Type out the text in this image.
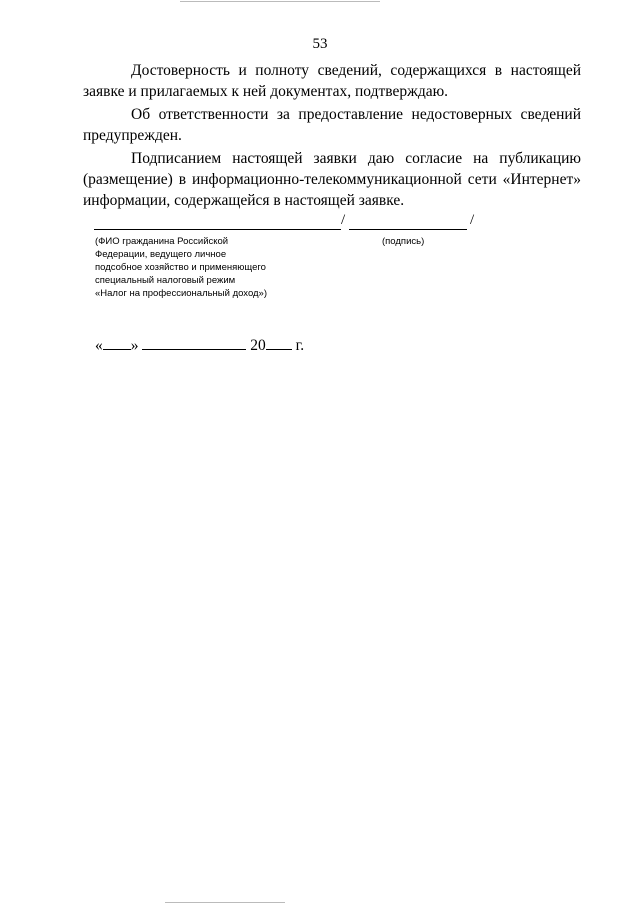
53

Достоверность и полноту сведений, содержащихся в настоящей заявке и прилагаемых к ней документах, подтверждаю.

Об ответственности за предоставление недостоверных сведений предупрежден.

Подписанием настоящей заявки даю согласие на публикацию (размещение) в информационно-телекоммуникационной сети «Интернет» информации, содержащейся в настоящей заявке.

/	/
(ФИО гражданина Российской
Федерации, ведущего личное
подсобное хозяйство и применяющего
специальный налоговый режим
«Налог на профессиональный доход»)
(подпись)
« »	20 г.
